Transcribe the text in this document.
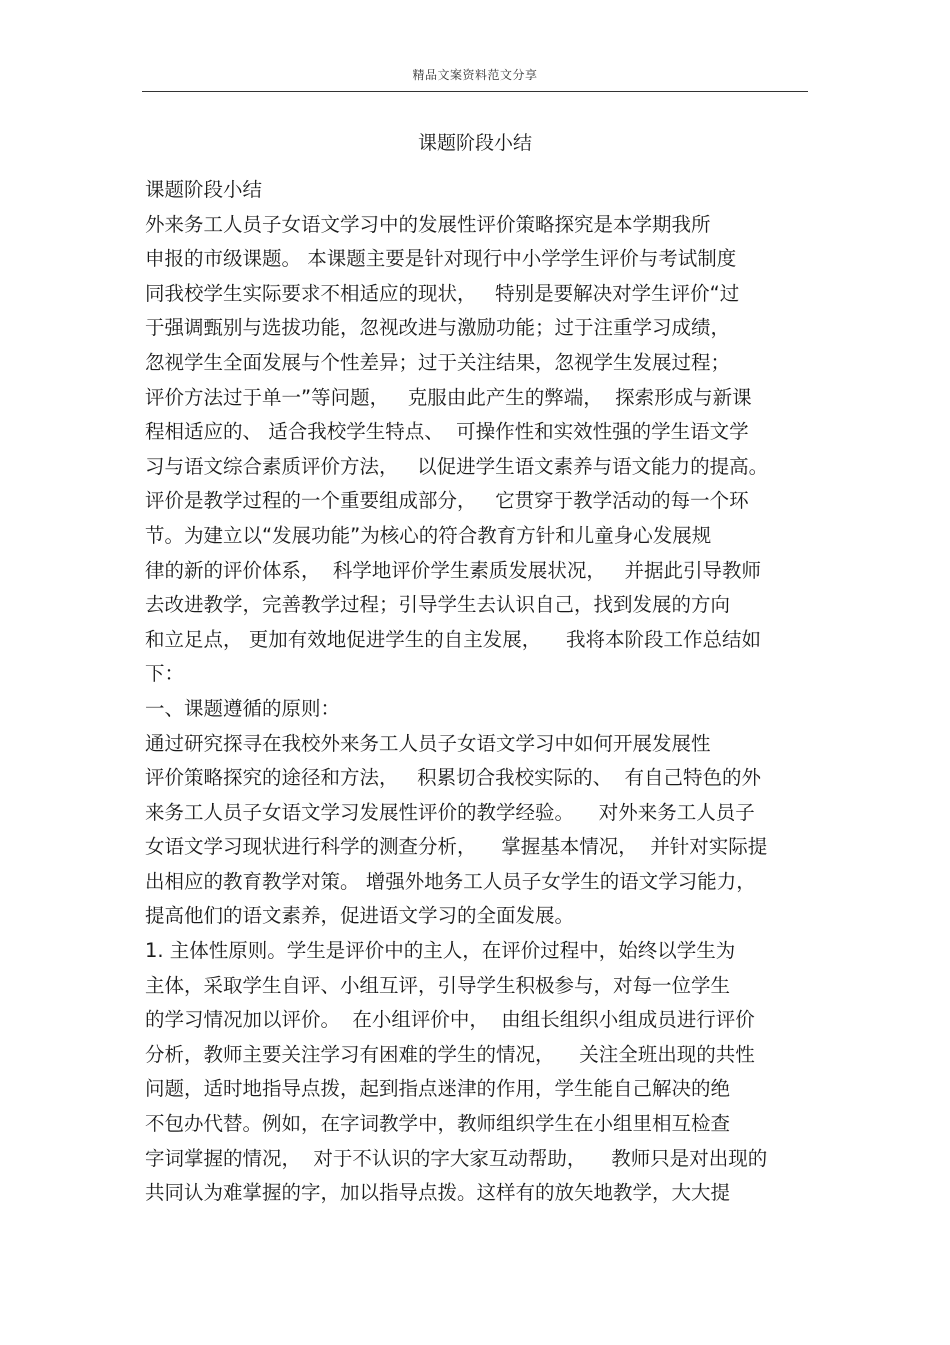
精品文案资料范文分享
课题阶段小结
课题阶段小结
外来务工人员子女语文学习中的发展性评价策略探究是本学期我所
申报的市级课题。 本课题主要是针对现行中小学学生评价与考试制度
同我校学生实际要求不相适应的现状，   特别是要解决对学生评价“过
于强调甄别与选拔功能，忽视改进与激励功能；过于注重学习成绩，
忽视学生全面发展与个性差异；过于关注结果，忽视学生发展过程；
评价方法过于单一”等问题，   克服由此产生的弊端，  探索形成与新课
程相适应的、 适合我校学生特点、  可操作性和实效性强的学生语文学
习与语文综合素质评价方法，   以促进学生语文素养与语文能力的提高。
评价是教学过程的一个重要组成部分，   它贯穿于教学活动的每一个环
节。为建立以“发展功能”为核心的符合教育方针和儿童身心发展规
律的新的评价体系，  科学地评价学生素质发展状况，   并据此引导教师
去改进教学，完善教学过程；引导学生去认识自己，找到发展的方向
和立足点， 更加有效地促进学生的自主发展，    我将本阶段工作总结如
下：
一、课题遵循的原则：
通过研究探寻在我校外来务工人员子女语文学习中如何开展发展性
评价策略探究的途径和方法，   积累切合我校实际的、  有自己特色的外
来务工人员子女语文学习发展性评价的教学经验。    对外来务工人员子
女语文学习现状进行科学的测查分析，    掌握基本情况，  并针对实际提
出相应的教育教学对策。 增强外地务工人员子女学生的语文学习能力，
提高他们的语文素养，促进语文学习的全面发展。
1. 主体性原则。学生是评价中的主人，在评价过程中，始终以学生为
主体，采取学生自评、小组互评，引导学生积极参与，对每一位学生
的学习情况加以评价。  在小组评价中，  由组长组织小组成员进行评价
分析，教师主要关注学习有困难的学生的情况，    关注全班出现的共性
问题，适时地指导点拨，起到指点迷津的作用，学生能自己解决的绝
不包办代替。例如，在字词教学中，教师组织学生在小组里相互检查
字词掌握的情况，  对于不认识的字大家互动帮助，    教师只是对出现的
共同认为难掌握的字，加以指导点拨。这样有的放矢地教学，大大提
